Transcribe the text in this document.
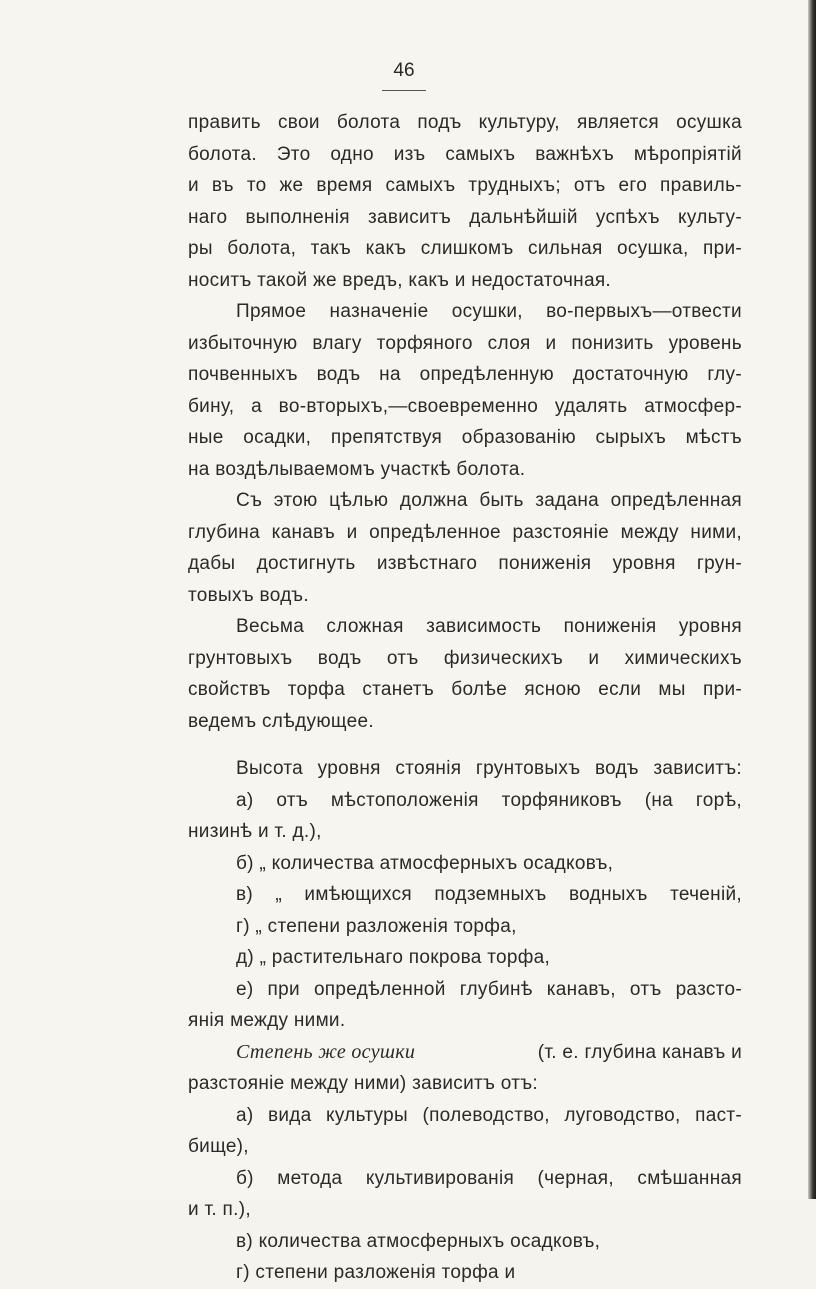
46
править свои болота подъ культуру, является осушка
болота. Это одно изъ самыхъ важнѣхъ мѣропріятій
и въ то же время самыхъ трудныхъ; отъ его правиль-
наго выполненія зависитъ дальнѣйшій успѣхъ культу-
ры болота, такъ какъ слишкомъ сильная осушка, при-
носитъ такой же вредъ, какъ и недостаточная.
Прямое назначеніе осушки, во-первыхъ—отвести
избыточную влагу торфяного слоя и понизить уровень
почвенныхъ водъ на опредѣленную достаточную глу-
бину, а во-вторыхъ,—своевременно удалять атмосфер-
ные осадки, препятствуя образованію сырыхъ мѣстъ
на воздѣлываемомъ участкѣ болота.
Съ этою цѣлью должна быть задана опредѣленная
глубина канавъ и опредѣленное разстояніе между ними,
дабы достигнуть извѣстнаго пониженія уровня грун-
товыхъ водъ.
Весьма сложная зависимость пониженія уровня
грунтовыхъ водъ отъ физическихъ и химическихъ
свойствъ торфа станетъ болѣе ясною если мы при-
ведемъ слѣдующее.
Высота уровня стоянія грунтовыхъ водъ зависитъ:
а) отъ мѣстоположенія торфяниковъ (на горѣ,
низинѣ и т. д.),
б) „ количества атмосферныхъ осадковъ,
в) „ имѣющихся подземныхъ водныхъ теченій,
г) „ степени разложенія торфа,
д) „ растительнаго покрова торфа,
е) при опредѣленной глубинѣ канавъ, отъ разсто-
янія между ними.
Степень же осушки	(т. е. глубина канавъ и
разстояніе между ними) зависитъ отъ:
а) вида культуры (полеводство, луговодство, паст-
бище),
б) метода культивированія (черная, смѣшанная
и т. п.),
в) количества атмосферныхъ осадковъ,
г) степени разложенія торфа и
